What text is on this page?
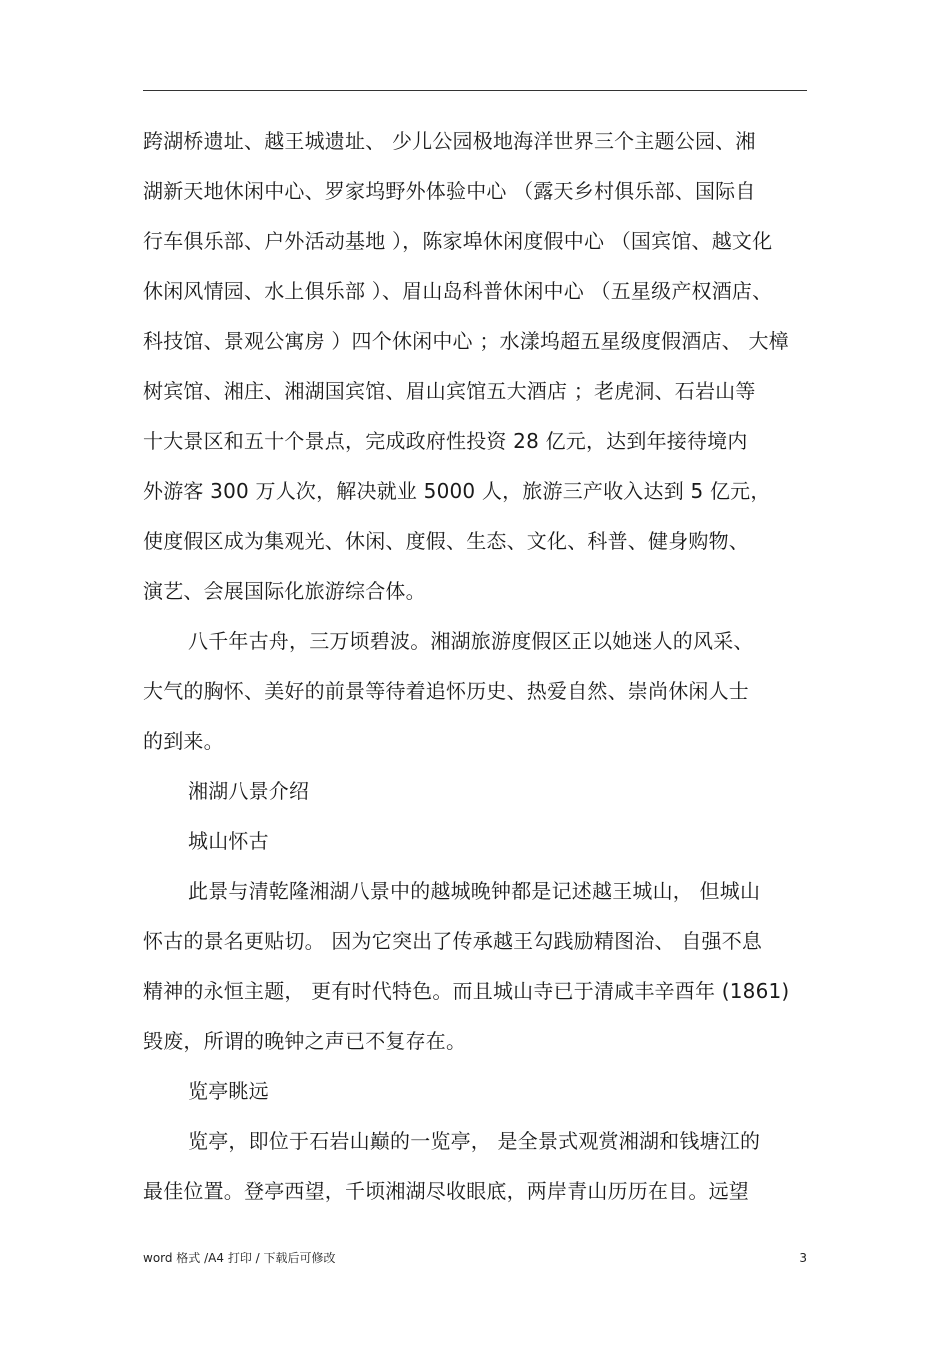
跨湖桥遗址、越王城遗址、 少儿公园极地海洋世界三个主题公园、湘
湖新天地休闲中心、罗家坞野外体验中心 （露天乡村俱乐部、国际自
行车俱乐部、户外活动基地 ），陈家埠休闲度假中心 （国宾馆、越文化
休闲风情园、水上俱乐部 ）、眉山岛科普休闲中心 （五星级产权酒店、
科技馆、景观公寓房 ）四个休闲中心 ；水漾坞超五星级度假酒店、 大樟
树宾馆、湘庄、湘湖国宾馆、眉山宾馆五大酒店 ；老虎洞、石岩山等
十大景区和五十个景点，完成政府性投资 28 亿元，达到年接待境内
外游客 300 万人次，解决就业 5000 人，旅游三产收入达到 5 亿元，
使度假区成为集观光、休闲、度假、生态、文化、科普、健身购物、
演艺、会展国际化旅游综合体。
八千年古舟，三万顷碧波。湘湖旅游度假区正以她迷人的风采、
大气的胸怀、美好的前景等待着追怀历史、热爱自然、崇尚休闲人士
的到来。
湘湖八景介绍
城山怀古
此景与清乾隆湘湖八景中的越城晚钟都是记述越王城山， 但城山
怀古的景名更贴切。 因为它突出了传承越王勾践励精图治、 自强不息
精神的永恒主题， 更有时代特色。而且城山寺已于清咸丰辛酉年 (1861)
毁废，所谓的晚钟之声已不复存在。
览亭眺远
览亭，即位于石岩山巅的一览亭， 是全景式观赏湘湖和钱塘江的
最佳位置。登亭西望，千顷湘湖尽收眼底，两岸青山历历在目。远望
word 格式 /A4 打印 / 下载后可修改	3
